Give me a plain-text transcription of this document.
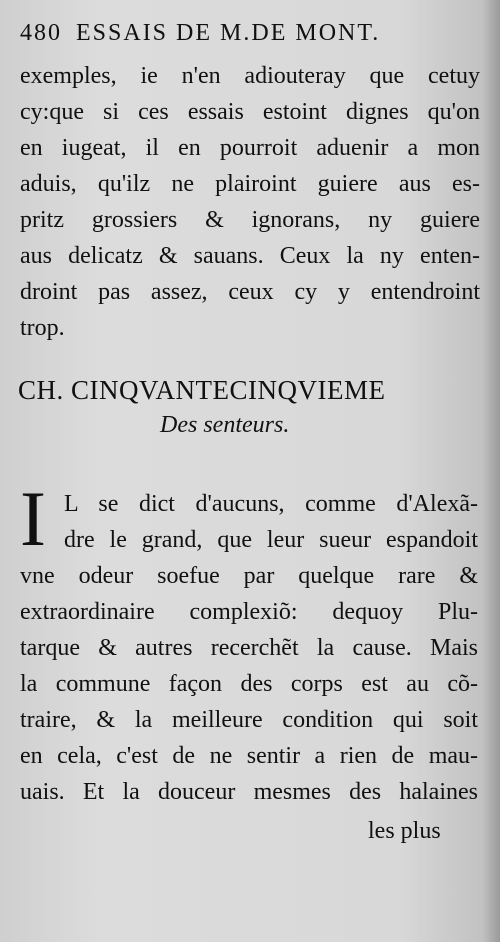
480 ESSAIS DE M.DE MONT.
exemples, ie n'en adiouteray que cetuy
cy:que si ces essais estoint dignes qu'on
en iugeat, il en pourroit aduenir a mon
aduis, qu'ilz ne plairoint guiere aus es-
pritz grossiers & ignorans, ny guiere
aus delicatz & sauans. Ceux la ny enten-
droint pas assez, ceux cy y entendroint
trop.
CH. CINQVANTECINQVIEME
Des senteurs.
I L se dict d'aucuns, comme d'Alexã-
dre le grand, que leur sueur espandoit
vne odeur soefue par quelque rare &
extraordinaire complexiõ: dequoy Plu-
tarque & autres recerchẽt la cause. Mais
la commune façon des corps est au cõ-
traire, & la meilleure condition qui soit
en cela, c'est de ne sentir a rien de mau-
uais. Et la douceur mesmes des halaines
les plus
